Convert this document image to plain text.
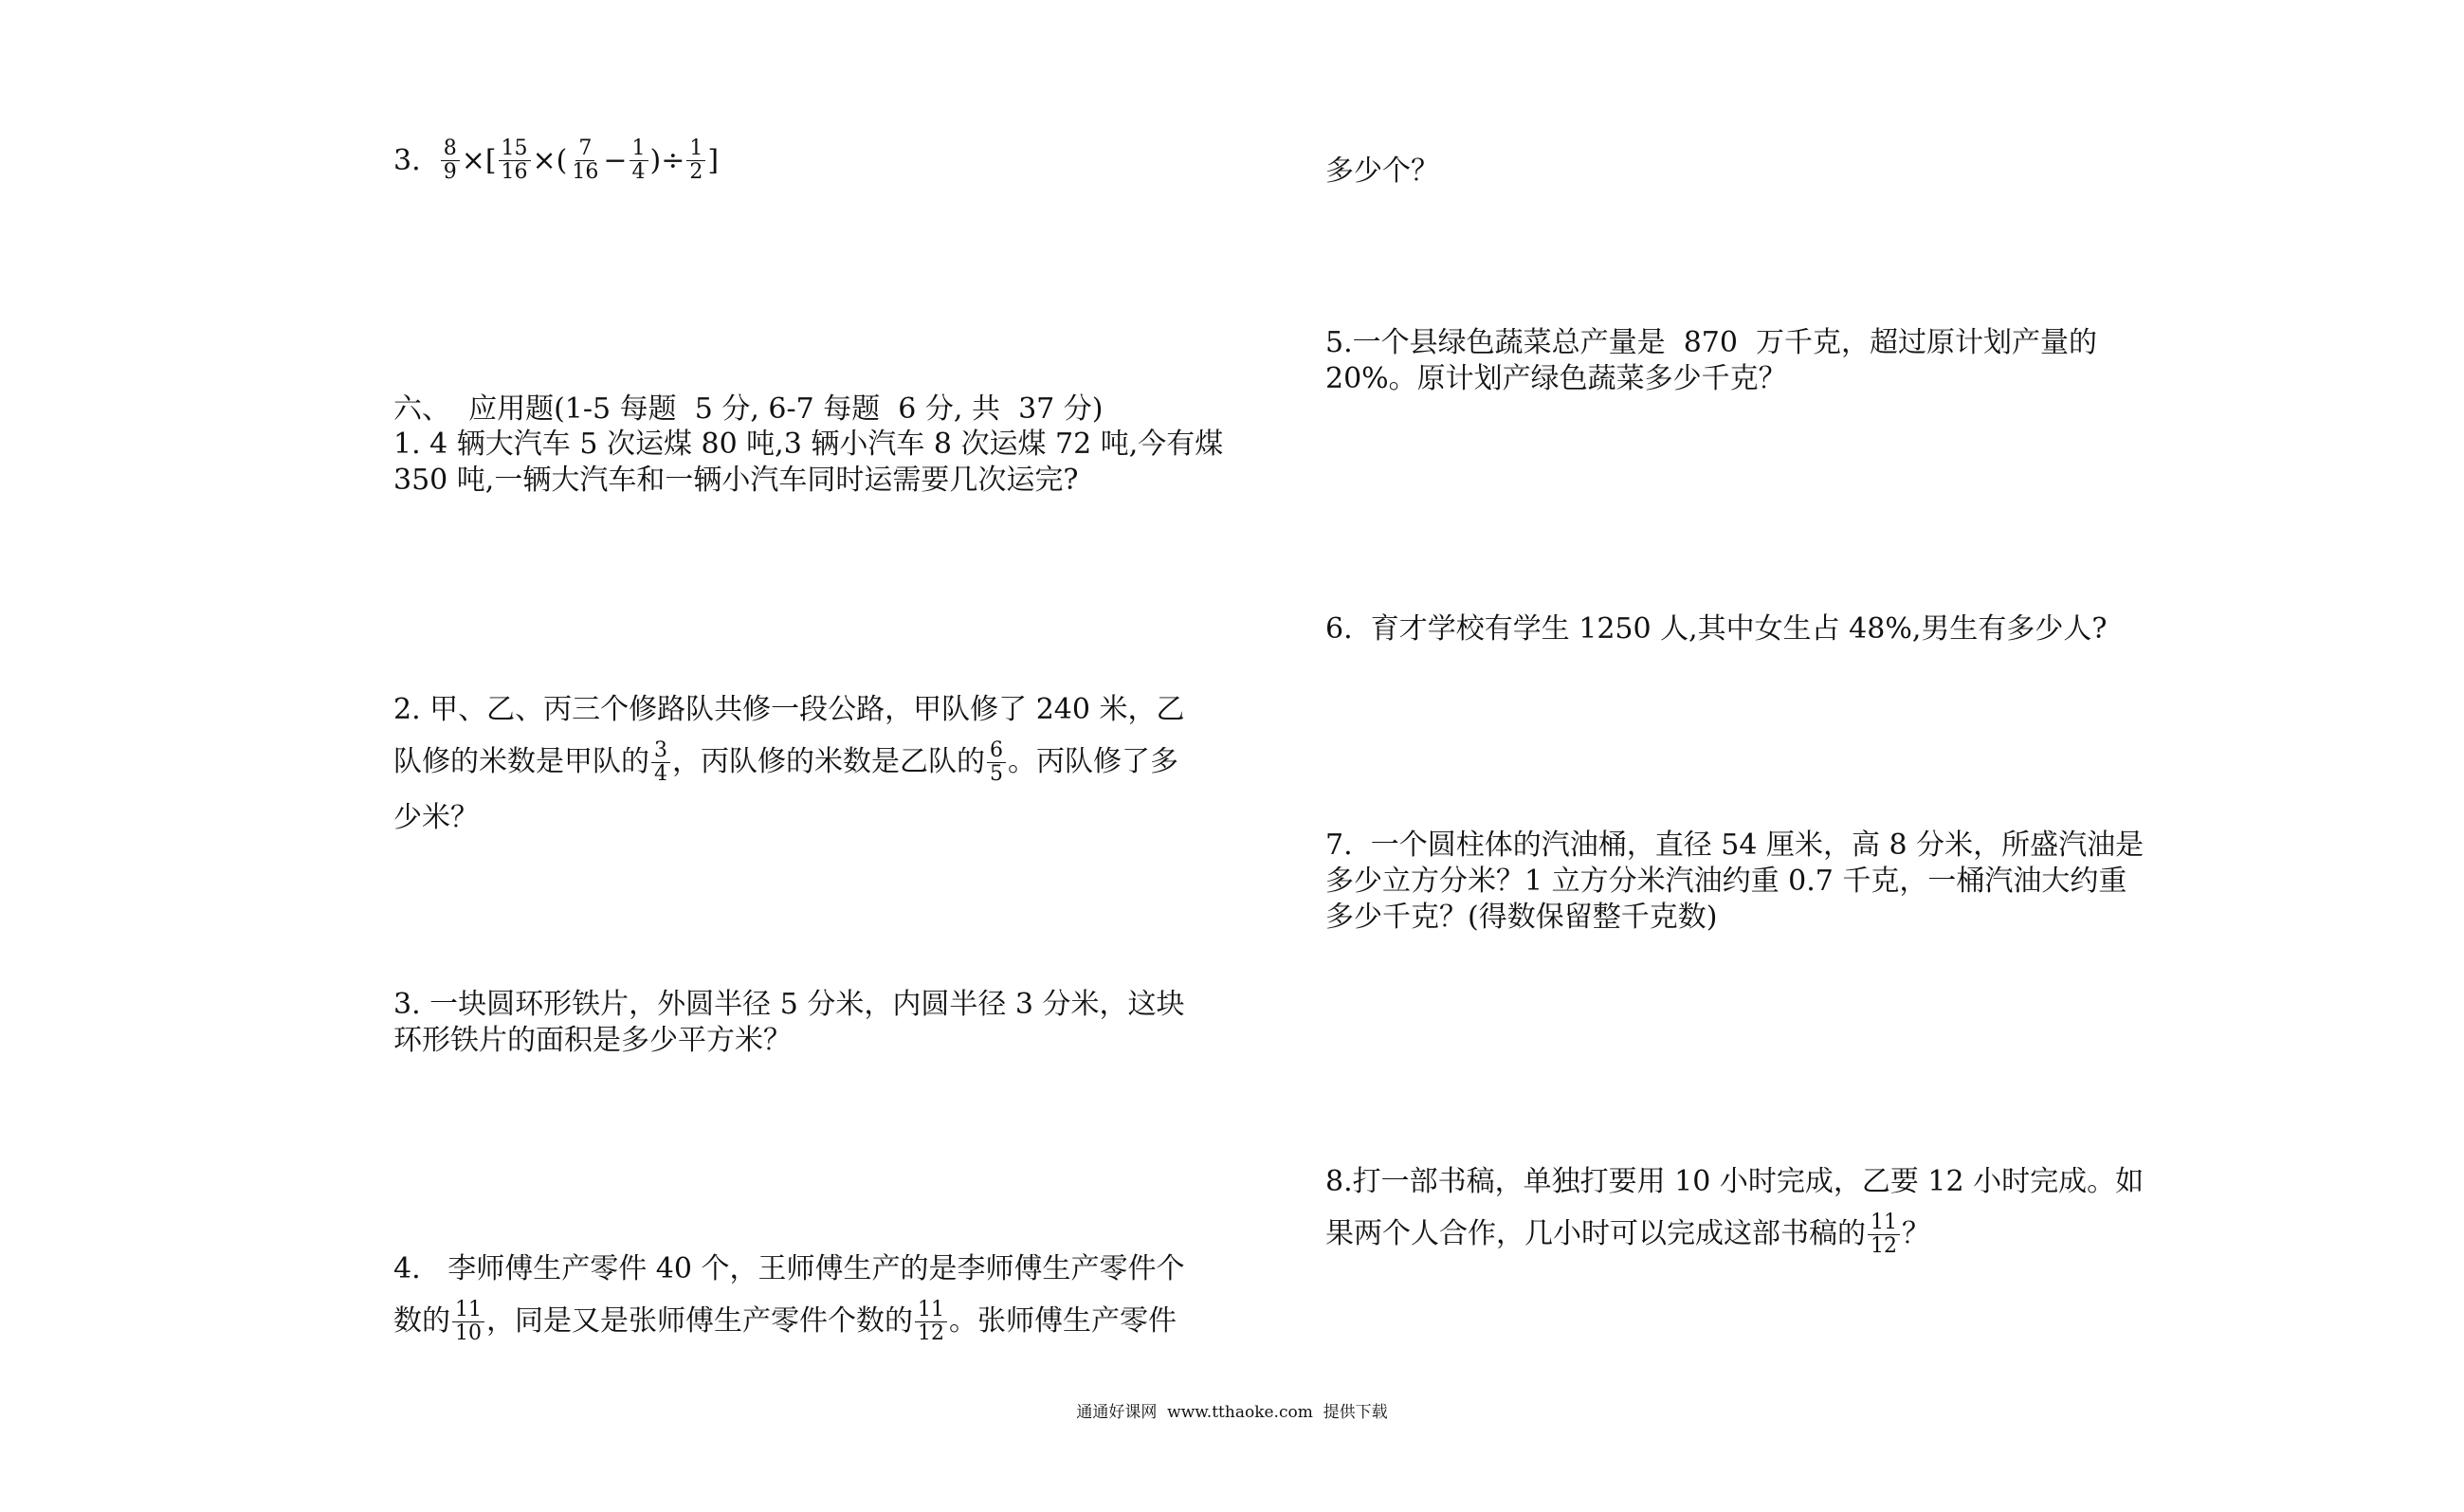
3.
$\frac{8}{9}$ ×[ $\frac{15}{16}$ ×( $\frac{7}{16} - \frac{1}{4}$ )÷ $\frac{1}{2}$ ]
六、  应用题(1-5 每题  5 分, 6-7 每题  6 分, 共  37 分)
1. 4 辆大汽车 5 次运煤 80 吨,3 辆小汽车 8 次运煤 72 吨,今有煤
350 吨,一辆大汽车和一辆小汽车同时运需要几次运完?
2. 甲、乙、丙三个修路队共修一段公路，甲队修了 240 米，乙
队修的米数是甲队的 $\frac{3}{4}$ ，丙队修的米数是乙队的 $\frac{6}{5}$ 。丙队修了多
少米？
3. 一块圆环形铁片，外圆半径 5 分米，内圆半径 3 分米，这块
环形铁片的面积是多少平方米？
4.   李师傅生产零件 40 个，王师傅生产的是李师傅生产零件个
数的 $\frac{11}{10}$ ，同是又是张师傅生产零件个数的 $\frac{11}{12}$ 。张师傅生产零件
多少个？
5.一个县绿色蔬菜总产量是  870  万千克，超过原计划产量的
20%。原计划产绿色蔬菜多少千克？
6.  育才学校有学生 1250 人,其中女生占 48%,男生有多少人?
7.  一个圆柱体的汽油桶，直径 54 厘米，高 8 分米，所盛汽油是
多少立方分米？1 立方分米汽油约重 0.7 千克，一桶汽油大约重
多少千克？(得数保留整千克数)
8.打一部书稿，单独打要用 10 小时完成，乙要 12 小时完成。如
果两个人合作，几小时可以完成这部书稿的 $\frac{11}{12}$ ？
通通好课网  www.tthaoke.com  提供下载
